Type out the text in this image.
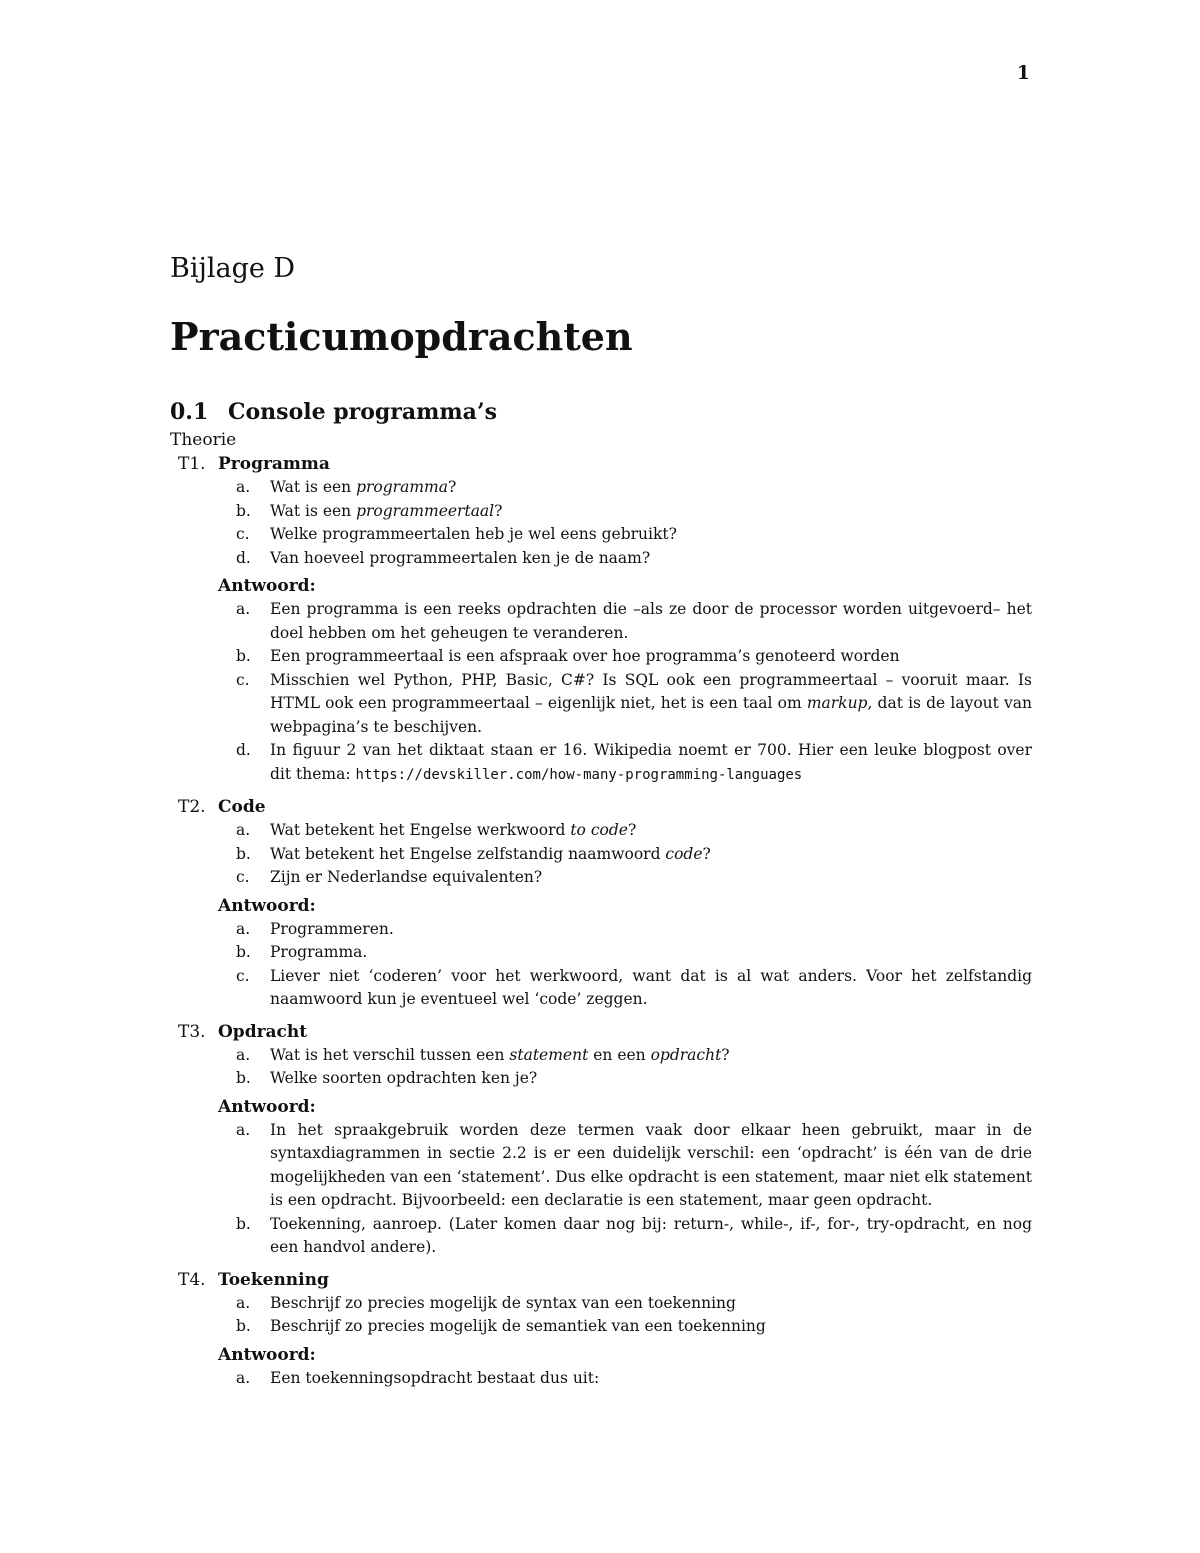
1
Bijlage D
Practicumopdrachten
0.1 Console programma’s
Theorie
T1. Programma
a. Wat is een programma?
b. Wat is een programmeertaal?
c. Welke programmeertalen heb je wel eens gebruikt?
d. Van hoeveel programmeertalen ken je de naam?
Antwoord:
a. Een programma is een reeks opdrachten die –als ze door de processor worden uitgevoerd– het doel hebben om het geheugen te veranderen.
b. Een programmeertaal is een afspraak over hoe programma’s genoteerd worden
c. Misschien wel Python, PHP, Basic, C#? Is SQL ook een programmeertaal – vooruit maar. Is HTML ook een programmeertaal – eigenlijk niet, het is een taal om markup, dat is de layout van webpagina’s te beschijven.
d. In figuur 2 van het diktaat staan er 16. Wikipedia noemt er 700. Hier een leuke blogpost over dit thema: https://devskiller.com/how-many-programming-languages
T2. Code
a. Wat betekent het Engelse werkwoord to code?
b. Wat betekent het Engelse zelfstandig naamwoord code?
c. Zijn er Nederlandse equivalenten?
Antwoord:
a. Programmeren.
b. Programma.
c. Liever niet ‘coderen’ voor het werkwoord, want dat is al wat anders. Voor het zelfstandig naamwoord kun je eventueel wel ‘code’ zeggen.
T3. Opdracht
a. Wat is het verschil tussen een statement en een opdracht?
b. Welke soorten opdrachten ken je?
Antwoord:
a. In het spraakgebruik worden deze termen vaak door elkaar heen gebruikt, maar in de syntaxdiagrammen in sectie 2.2 is er een duidelijk verschil: een ‘opdracht’ is één van de drie mogelijkheden van een ‘statement’. Dus elke opdracht is een statement, maar niet elk statement is een opdracht. Bijvoorbeeld: een declaratie is een statement, maar geen opdracht.
b. Toekenning, aanroep. (Later komen daar nog bij: return-, while-, if-, for-, try-opdracht, en nog een handvol andere).
T4. Toekenning
a. Beschrijf zo precies mogelijk de syntax van een toekenning
b. Beschrijf zo precies mogelijk de semantiek van een toekenning
Antwoord:
a. Een toekenningsopdracht bestaat dus uit:
